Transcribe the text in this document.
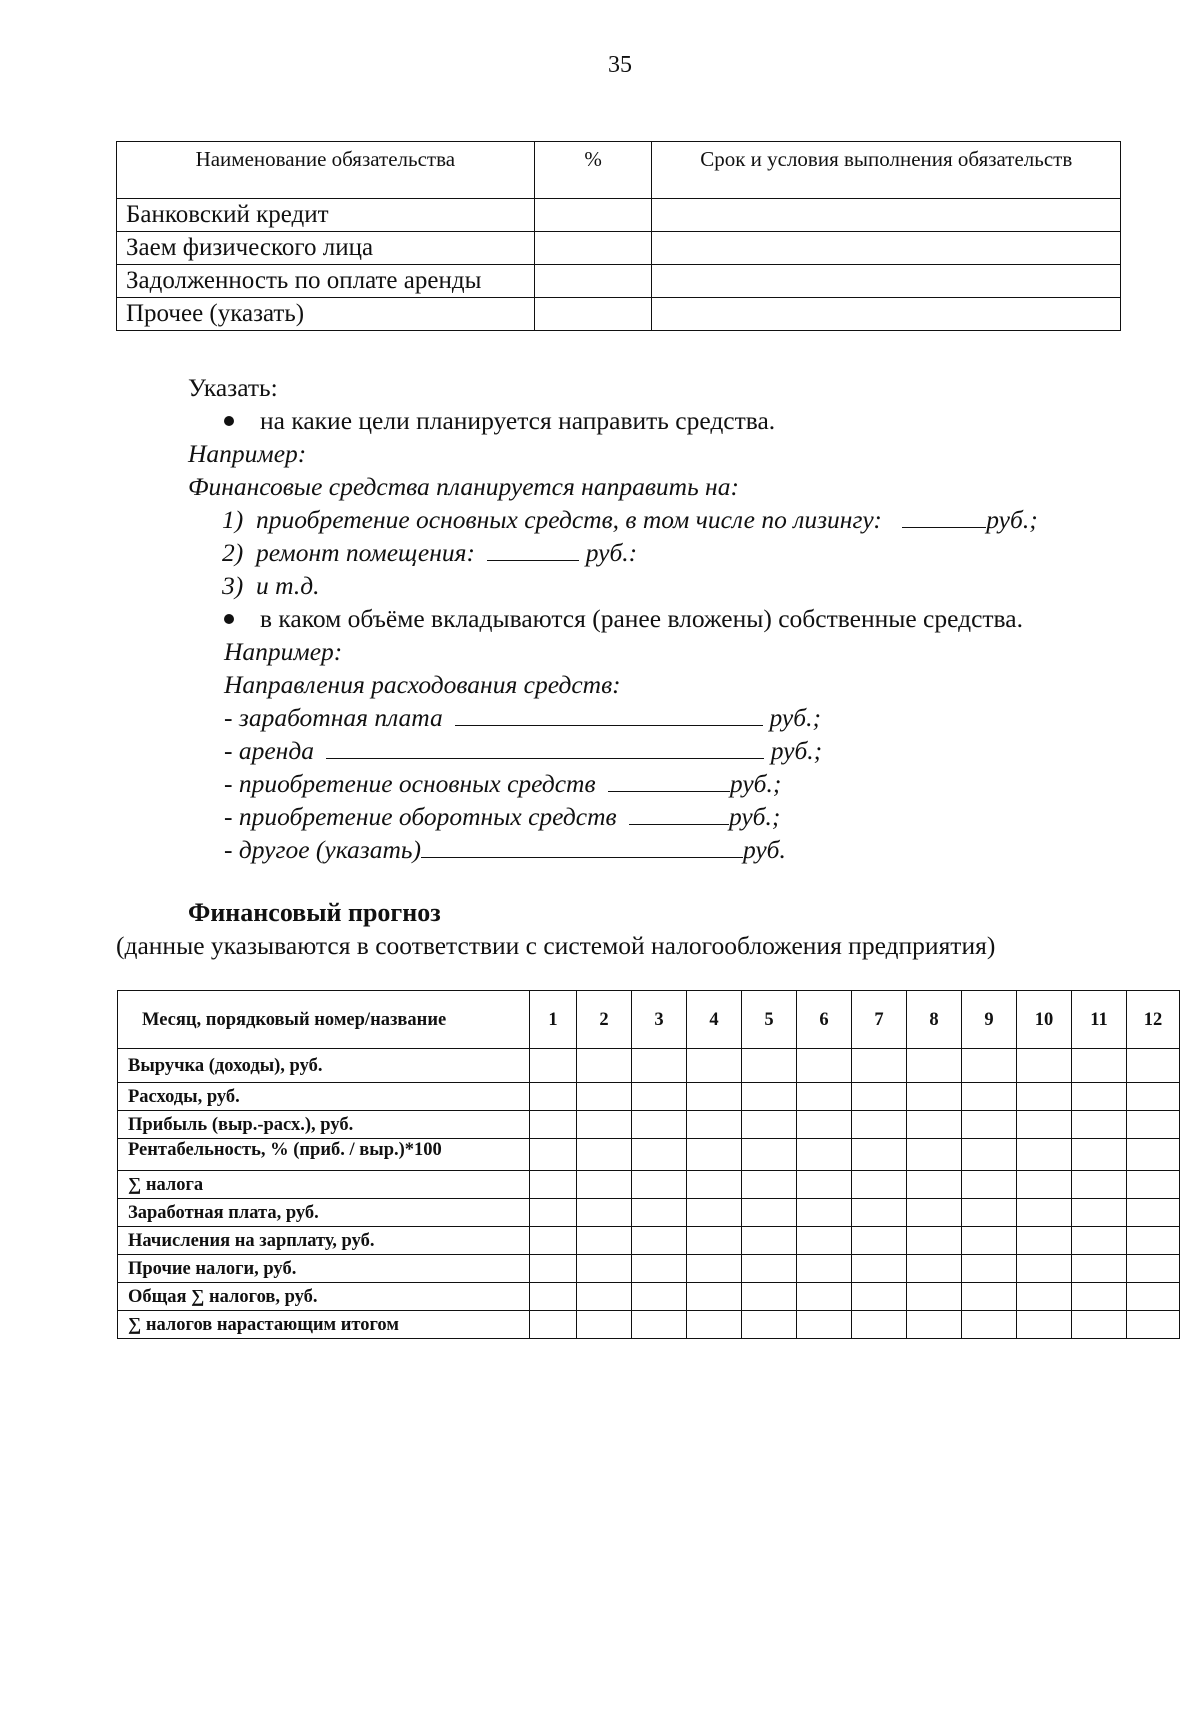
35
Наименование обязательства	%	Срок и условия выполнения обязательств
Банковский кредит		
Заем физического лица		
Задолженность по оплате аренды		
Прочее (указать)		
Указать:
на какие цели планируется направить средства.
Например:
Финансовые средства планируется направить на:
1) приобретение основных средств, в том числе по лизингу:	руб.;
2) ремонт помещения:	руб.:
3) и т.д.
в каком объёме вкладываются (ранее вложены) собственные средства.
Например:
Направления расходования средств:
- заработная плата	руб.;
- аренда	руб.;
- приобретение основных средств	руб.;
- приобретение оборотных средств	руб.;
- другое (указать)	руб.
Финансовый прогноз
(данные указываются в соответствии с системой налогообложения предприятия)
Месяц, порядковый номер/название	1	2	3	4	5	6	7	8	9	10	11	12
Выручка (доходы), руб.												
Расходы, руб.												
Прибыль (выр.-расх.), руб.												
Рентабельность, % (приб. / выр.)*100												
∑ налога												
Заработная плата, руб.												
Начисления на зарплату, руб.												
Прочие налоги, руб.												
Общая ∑ налогов, руб.												
∑ налогов нарастающим итогом												
